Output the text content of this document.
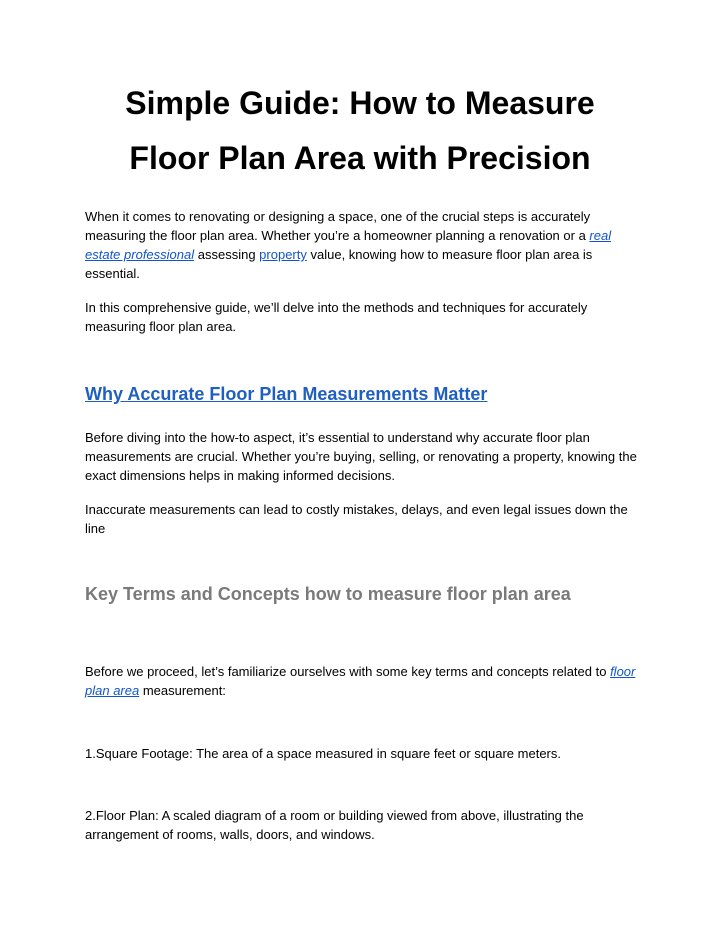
Simple Guide: How to Measure
Floor Plan Area with Precision

When it comes to renovating or designing a space, one of the crucial steps is accurately measuring the floor plan area. Whether you’re a homeowner planning a renovation or a real estate professional assessing property value, knowing how to measure floor plan area is essential.

In this comprehensive guide, we’ll delve into the methods and techniques for accurately measuring floor plan area.

Why Accurate Floor Plan Measurements Matter

Before diving into the how-to aspect, it’s essential to understand why accurate floor plan measurements are crucial. Whether you’re buying, selling, or renovating a property, knowing the exact dimensions helps in making informed decisions.

Inaccurate measurements can lead to costly mistakes, delays, and even legal issues down the line

Key Terms and Concepts how to measure floor plan area

Before we proceed, let’s familiarize ourselves with some key terms and concepts related to floor plan area measurement:

1.Square Footage: The area of a space measured in square feet or square meters.

2.Floor Plan: A scaled diagram of a room or building viewed from above, illustrating the arrangement of rooms, walls, doors, and windows.
